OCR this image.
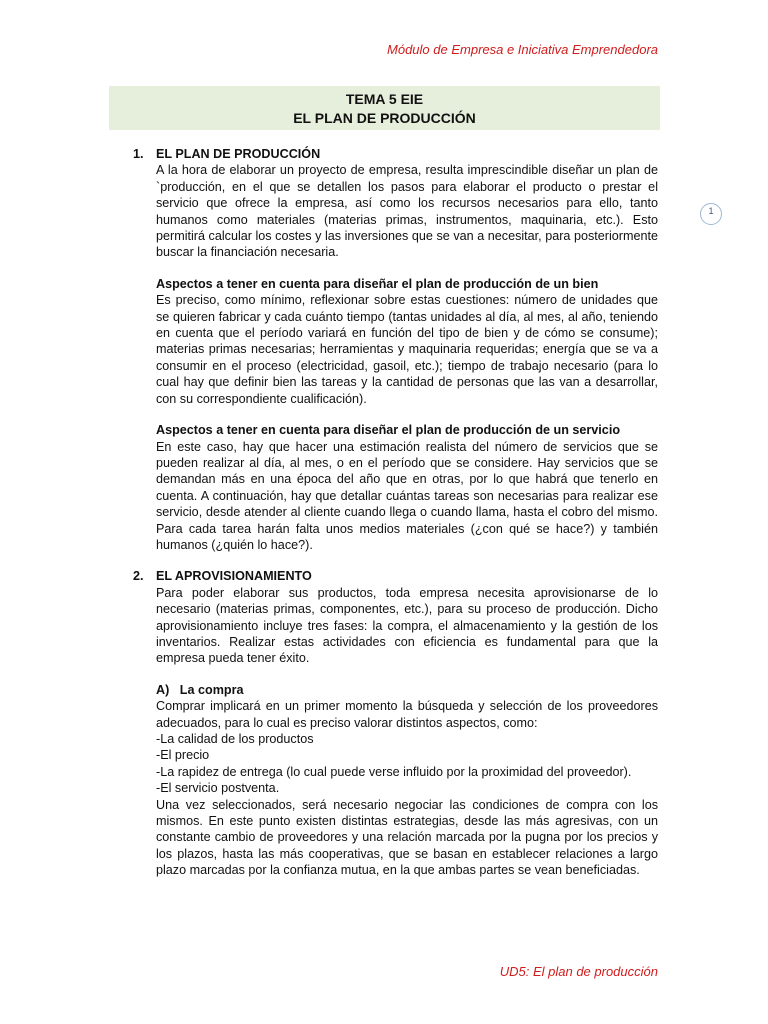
Módulo de Empresa e Iniciativa Emprendedora
TEMA 5 EIE
EL PLAN DE PRODUCCIÓN
1

1. EL PLAN DE PRODUCCIÓN

A la hora de elaborar un proyecto de empresa, resulta imprescindible diseñar un plan de `producción, en el que se detallen los pasos para elaborar el producto o prestar el servicio que ofrece la empresa, así como los recursos necesarios para ello, tanto humanos como materiales (materias primas, instrumentos, maquinaria, etc.). Esto permitirá calcular los costes y las inversiones que se van a necesitar, para posteriormente buscar la financiación necesaria.

Aspectos a tener en cuenta para diseñar el plan de producción de un bien

Es preciso, como mínimo, reflexionar sobre estas cuestiones: número de unidades que se quieren fabricar y cada cuánto tiempo (tantas unidades al día, al mes, al año, teniendo en cuenta que el período variará en función del tipo de bien y de cómo se consume); materias primas necesarias; herramientas y maquinaria requeridas; energía que se va a consumir en el proceso (electricidad, gasoil, etc.); tiempo de trabajo necesario (para lo cual hay que definir bien las tareas y la cantidad de personas que las van a desarrollar, con su correspondiente cualificación).

Aspectos a tener en cuenta para diseñar el plan de producción de un servicio

En este caso, hay que hacer una estimación realista del número de servicios que se pueden realizar al día, al mes, o en el período que se considere. Hay servicios que se demandan más en una época del año que en otras, por lo que habrá que tenerlo en cuenta. A continuación, hay que detallar cuántas tareas son necesarias para realizar ese servicio, desde atender al cliente cuando llega o cuando llama, hasta el cobro del mismo. Para cada tarea harán falta unos medios materiales (¿con qué se hace?) y también humanos (¿quién lo hace?).

2. EL APROVISIONAMIENTO

Para poder elaborar sus productos, toda empresa necesita aprovisionarse de lo necesario (materias primas, componentes, etc.), para su proceso de producción. Dicho aprovisionamiento incluye tres fases: la compra, el almacenamiento y la gestión de los inventarios. Realizar estas actividades con eficiencia es fundamental para que la empresa pueda tener éxito.

A) La compra

Comprar implicará en un primer momento la búsqueda y selección de los proveedores adecuados, para lo cual es preciso valorar distintos aspectos, como:

-La calidad de los productos

-El precio

-La rapidez de entrega (lo cual puede verse influido por la proximidad del proveedor).

-El servicio postventa.

Una vez seleccionados, será necesario negociar las condiciones de compra con los mismos. En este punto existen distintas estrategias, desde las más agresivas, con un constante cambio de proveedores y una relación marcada por la pugna por los precios y los plazos, hasta las más cooperativas, que se basan en establecer relaciones a largo plazo marcadas por la confianza mutua, en la que ambas partes se vean beneficiadas.

UD5: El plan de producción
